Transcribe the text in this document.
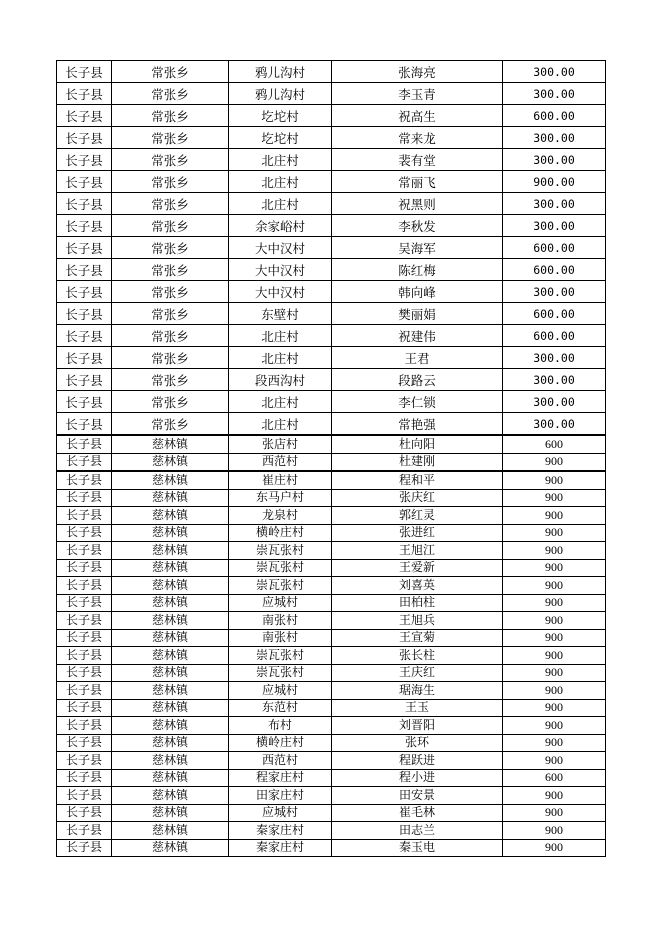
长子县	常张乡	鸦儿沟村	张海亮	300.00
长子县	常张乡	鸦儿沟村	李玉青	300.00
长子县	常张乡	圪坨村	祝高生	600.00
长子县	常张乡	圪坨村	常来龙	300.00
长子县	常张乡	北庄村	裴有堂	300.00
长子县	常张乡	北庄村	常丽飞	900.00
长子县	常张乡	北庄村	祝黑则	300.00
长子县	常张乡	余家峪村	李秋发	300.00
长子县	常张乡	大中汉村	吴海军	600.00
长子县	常张乡	大中汉村	陈红梅	600.00
长子县	常张乡	大中汉村	韩向峰	300.00
长子县	常张乡	东壁村	樊丽娟	600.00
长子县	常张乡	北庄村	祝建伟	600.00
长子县	常张乡	北庄村	王君	300.00
长子县	常张乡	段西沟村	段路云	300.00
长子县	常张乡	北庄村	李仁锁	300.00
长子县	常张乡	北庄村	常艳强	300.00
长子县	慈林镇	张店村	杜向阳	600
长子县	慈林镇	西范村	杜建刚	900
长子县	慈林镇	崔庄村	程和平	900
长子县	慈林镇	东马户村	张庆红	900
长子县	慈林镇	龙泉村	郭红灵	900
长子县	慈林镇	横岭庄村	张进红	900
长子县	慈林镇	崇瓦张村	王旭江	900
长子县	慈林镇	崇瓦张村	王爱新	900
长子县	慈林镇	崇瓦张村	刘喜英	900
长子县	慈林镇	应城村	田柏柱	900
长子县	慈林镇	南张村	王旭兵	900
长子县	慈林镇	南张村	王宣菊	900
长子县	慈林镇	崇瓦张村	张长柱	900
长子县	慈林镇	崇瓦张村	王庆红	900
长子县	慈林镇	应城村	琚海生	900
长子县	慈林镇	东范村	王玉	900
长子县	慈林镇	布村	刘晋阳	900
长子县	慈林镇	横岭庄村	张环	900
长子县	慈林镇	西范村	程跃进	900
长子县	慈林镇	程家庄村	程小进	600
长子县	慈林镇	田家庄村	田安景	900
长子县	慈林镇	应城村	崔毛林	900
长子县	慈林镇	秦家庄村	田志兰	900
长子县	慈林镇	秦家庄村	秦玉电	900
